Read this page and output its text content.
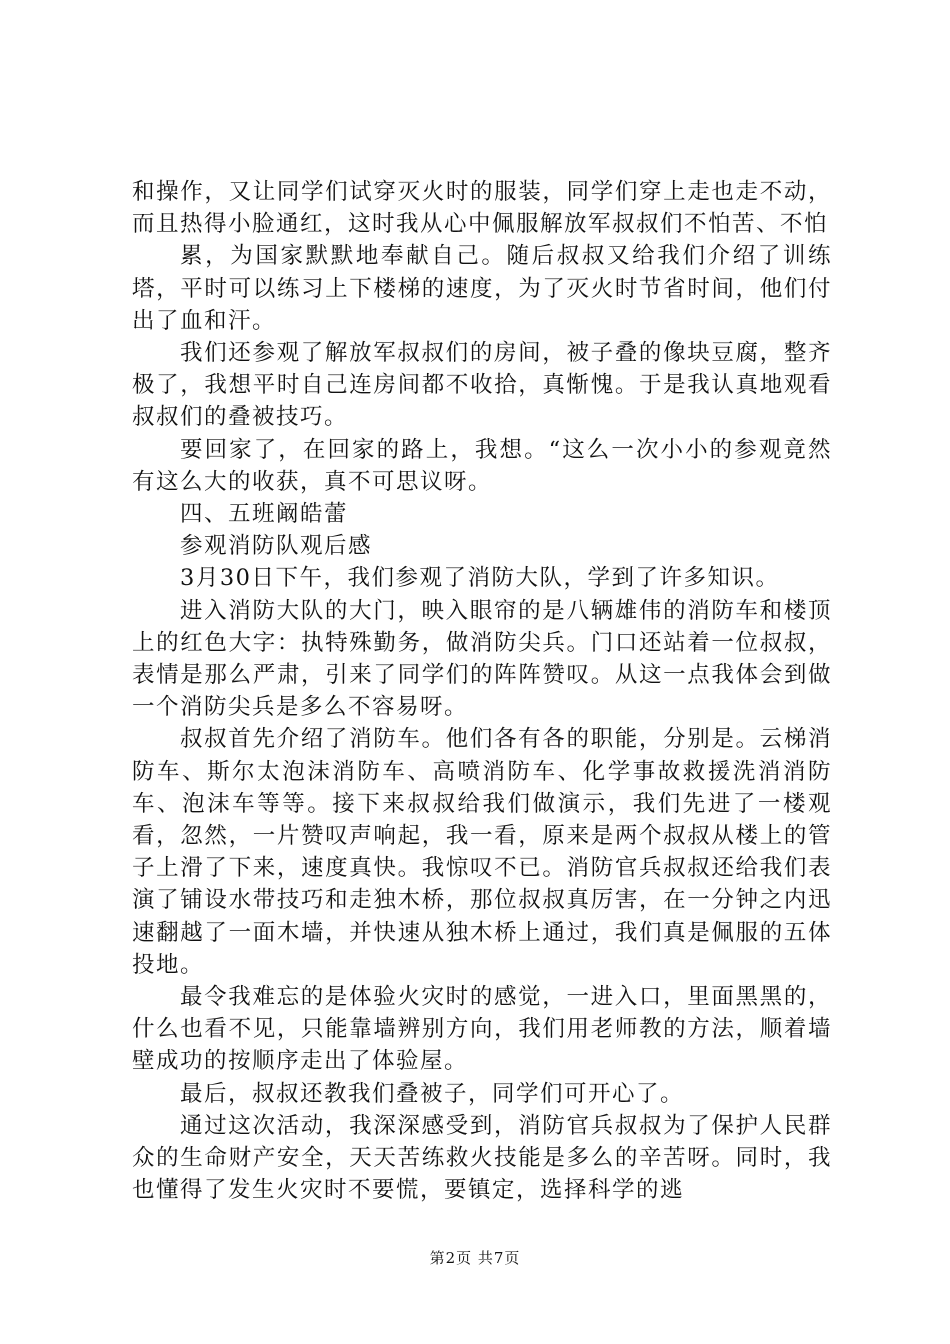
和操作，又让同学们试穿灭火时的服装，同学们穿上走也走不动，而且热得小脸通红，这时我从心中佩服解放军叔叔们不怕苦、不怕

累，为国家默默地奉献自己。随后叔叔又给我们介绍了训练塔，平时可以练习上下楼梯的速度，为了灭火时节省时间，他们付出了血和汗。

我们还参观了解放军叔叔们的房间，被子叠的像块豆腐，整齐极了，我想平时自己连房间都不收拾，真惭愧。于是我认真地观看叔叔们的叠被技巧。

要回家了，在回家的路上，我想。“这么一次小小的参观竟然有这么大的收获，真不可思议呀。

四、五班阚皓蕾

参观消防队观后感

3月30日下午，我们参观了消防大队，学到了许多知识。

进入消防大队的大门，映入眼帘的是八辆雄伟的消防车和楼顶上的红色大字：执特殊勤务，做消防尖兵。门口还站着一位叔叔，表情是那么严肃，引来了同学们的阵阵赞叹。从这一点我体会到做一个消防尖兵是多么不容易呀。

叔叔首先介绍了消防车。他们各有各的职能，分别是。云梯消防车、斯尔太泡沫消防车、高喷消防车、化学事故救援洗消消防车、泡沫车等等。接下来叔叔给我们做演示，我们先进了一楼观看，忽然，一片赞叹声响起，我一看，原来是两个叔叔从楼上的管子上滑了下来，速度真快。我惊叹不已。消防官兵叔叔还给我们表演了铺设水带技巧和走独木桥，那位叔叔真厉害，在一分钟之内迅速翻越了一面木墙，并快速从独木桥上通过，我们真是佩服的五体投地。

最令我难忘的是体验火灾时的感觉，一进入口，里面黑黑的，什么也看不见，只能靠墙辨别方向，我们用老师教的方法，顺着墙壁成功的按顺序走出了体验屋。

最后，叔叔还教我们叠被子，同学们可开心了。

通过这次活动，我深深感受到，消防官兵叔叔为了保护人民群众的生命财产安全，天天苦练救火技能是多么的辛苦呀。同时，我也懂得了发生火灾时不要慌，要镇定，选择科学的逃

第2页 共7页
